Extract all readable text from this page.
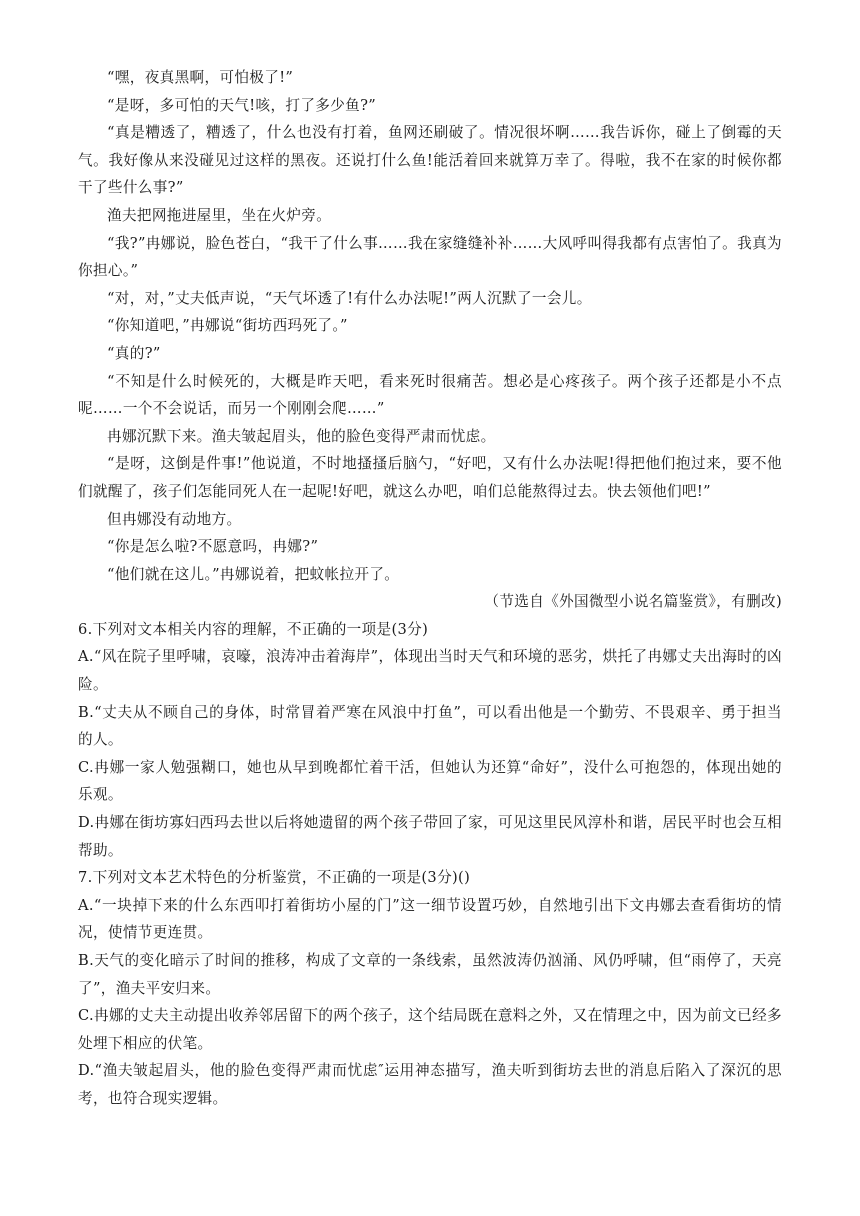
“嘿，夜真黑啊，可怕极了!”

“是呀，多可怕的天气!咳，打了多少鱼?”

“真是糟透了，糟透了，什么也没有打着，鱼网还刷破了。情况很坏啊……我告诉你，碰上了倒霉的天气。我好像从来没碰见过这样的黑夜。还说打什么鱼!能活着回来就算万幸了。得啦，我不在家的时候你都干了些什么事?”

渔夫把网拖进屋里，坐在火炉旁。

“我?”冉娜说，脸色苍白，“我干了什么事……我在家缝缝补补……大风呼叫得我都有点害怕了。我真为你担心。”

“对，对，”丈夫低声说，“天气坏透了!有什么办法呢!”两人沉默了一会儿。

“你知道吧，”冉娜说“街坊西玛死了。”

“真的?”

“不知是什么时候死的，大概是昨天吧，看来死时很痛苦。想必是心疼孩子。两个孩子还都是小不点呢……一个不会说话，而另一个刚刚会爬……”

冉娜沉默下来。渔夫皱起眉头，他的脸色变得严肃而忧虑。

“是呀，这倒是件事!”他说道，不时地搔搔后脑勺，“好吧，又有什么办法呢!得把他们抱过来，要不他们就醒了，孩子们怎能同死人在一起呢!好吧，就这么办吧，咱们总能熬得过去。快去领他们吧!”

但冉娜没有动地方。

“你是怎么啦?不愿意吗，冉娜?”

“他们就在这儿。”冉娜说着，把蚊帐拉开了。

（节选自《外国微型小说名篇鉴赏》，有删改)

6.下列对文本相关内容的理解，不正确的一项是(3分)

A.“风在院子里呼啸，哀嚎，浪涛冲击着海岸”，体现出当时天气和环境的恶劣，烘托了冉娜丈夫出海时的凶险。

B.“丈夫从不顾自己的身体，时常冒着严寒在风浪中打鱼”，可以看出他是一个勤劳、不畏艰辛、勇于担当的人。

C.冉娜一家人勉强糊口，她也从早到晚都忙着干活，但她认为还算“命好”，没什么可抱怨的，体现出她的乐观。

D.冉娜在街坊寡妇西玛去世以后将她遗留的两个孩子带回了家，可见这里民风淳朴和谐，居民平时也会互相帮助。

7.下列对文本艺术特色的分析鉴赏，不正确的一项是(3分)()

A.“一块掉下来的什么东西叩打着街坊小屋的门”这一细节设置巧妙，自然地引出下文冉娜去查看街坊的情况，使情节更连贯。

B.天气的变化暗示了时间的推移，构成了文章的一条线索，虽然波涛仍汹涌、风仍呼啸，但“雨停了，天亮了”，渔夫平安归来。

C.冉娜的丈夫主动提出收养邻居留下的两个孩子，这个结局既在意料之外，又在情理之中，因为前文已经多处埋下相应的伏笔。

D.“渔夫皱起眉头，他的脸色变得严肃而忧虑″运用神态描写，渔夫听到街坊去世的消息后陷入了深沉的思考，也符合现实逻辑。
